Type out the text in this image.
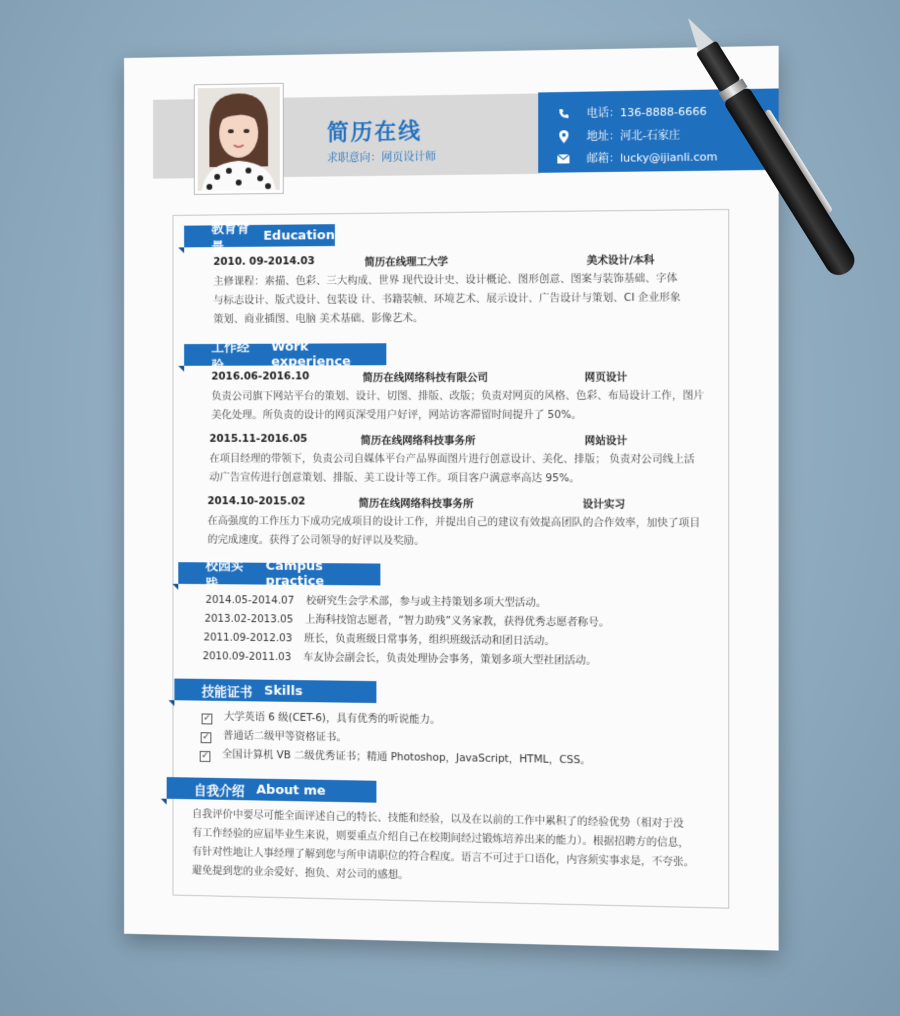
简历在线
求职意向：网页设计师
电话：136-8888-6666
地址：河北-石家庄
邮箱：lucky@ijianli.com
教育背景
Education
2010. 09-2014.03	简历在线理工大学	美术设计/本科
主修课程：素描、色彩、三大构成、世界 现代设计史、设计概论、图形创意、图案与装饰基础、字体
与标志设计、版式设计、包装设 计、书籍装帧、环境艺术、展示设计、广告设计与策划、CI 企业形象
策划、商业插图、电脑 美术基础、影像艺术。
工作经验
Work experience
2016.06-2016.10	简历在线网络科技有限公司	网页设计
负责公司旗下网站平台的策划、设计、切图、排版、改版；负责对网页的风格、色彩、布局设计工作，图片
美化处理。所负责的设计的网页深受用户好评，网站访客滞留时间提升了 50%。
2015.11-2016.05	简历在线网络科技事务所	网站设计
在项目经理的带领下，负责公司自媒体平台产品界面图片进行创意设计、美化、排版； 负责对公司线上活
动广告宣传进行创意策划、排版、美工设计等工作。项目客户满意率高达 95%。
2014.10-2015.02	简历在线网络科技事务所	设计实习
在高强度的工作压力下成功完成项目的设计工作，并提出自己的建议有效提高团队的合作效率，加快了项目
的完成速度。获得了公司领导的好评以及奖励。
校园实践
Campus practice
2014.05-2014.07 校研究生会学术部，参与或主持策划多项大型活动。
2013.02-2013.05 上海科技馆志愿者，“智力助残”义务家教，获得优秀志愿者称号。
2011.09-2012.03 班长，负责班级日常事务，组织班级活动和团日活动。
2010.09-2011.03 车友协会副会长，负责处理协会事务，策划多项大型社团活动。
技能证书 Skills
✓ 大学英语 6 级(CET-6)，具有优秀的听说能力。
✓ 普通话二级甲等资格证书。
✓ 全国计算机 VB 二级优秀证书；精通 Photoshop，JavaScript，HTML，CSS。
自我介绍 About me
自我评价中要尽可能全面评述自己的特长、技能和经验，以及在以前的工作中累积了的经验优势（相对于没
有工作经验的应届毕业生来说，则要重点介绍自己在校期间经过锻炼培养出来的能力）。根据招聘方的信息，
有针对性地让人事经理了解到您与所申请职位的符合程度。语言不可过于口语化，内容须实事求是，不夸张。
避免提到您的业余爱好、抱负、对公司的感想。
